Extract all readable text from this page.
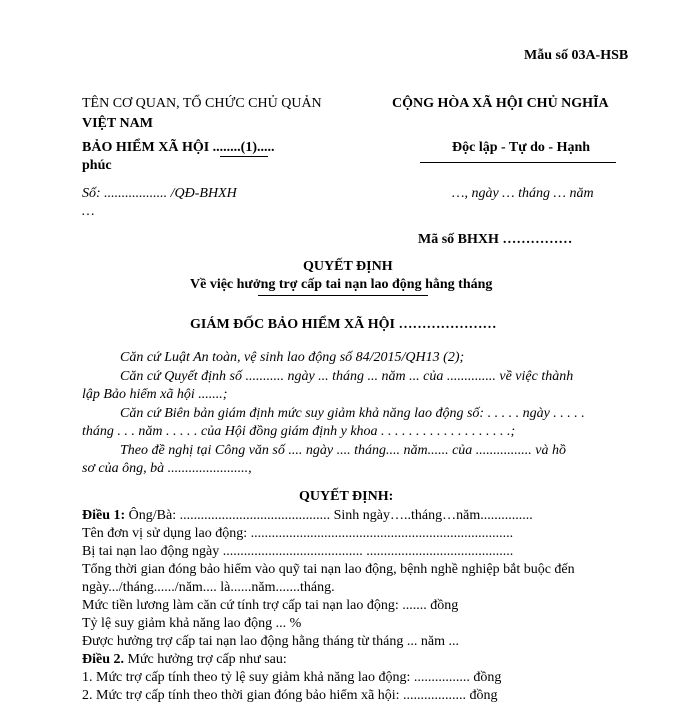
Mẫu số 03A-HSB
TÊN CƠ QUAN, TỔ CHỨC CHỦ QUẢN
VIỆT NAM
BẢO HIỂM XÃ HỘI ........(1).....
phúc
CỘNG HÒA XÃ HỘI CHỦ NGHĨA
Độc lập - Tự do - Hạnh
Số: .................. /QĐ-BHXH
…
…, ngày … tháng … năm
Mã số BHXH ……………
QUYẾT ĐỊNH
Về việc hưởng trợ cấp tai nạn lao động hằng tháng
GIÁM ĐỐC BẢO HIỂM XÃ HỘI …………………
Căn cứ Luật An toàn, vệ sinh lao động số 84/2015/QH13 (2);
Căn cứ Quyết định số ........... ngày ... tháng ... năm ... của .............. về việc thành
lập Bảo hiểm xã hội .......;
Căn cứ Biên bản giám định mức suy giảm khả năng lao động số: . . . . . ngày . . . . .
tháng . . . năm . . . . . của Hội đồng giám định y khoa . . . . . . . . . . . . . . . . . . .;
Theo đề nghị tại Công văn số .... ngày .... tháng.... năm...... của ................ và hồ
sơ của ông, bà .......................,
QUYẾT ĐỊNH:
Điều 1: Ông/Bà: ........................................... Sinh ngày…..tháng…năm...............
Tên đơn vị sử dụng lao động: ...........................................................................
Bị tai nạn lao động ngày ........................................ ..........................................
Tổng thời gian đóng bảo hiểm vào quỹ tai nạn lao động, bệnh nghề nghiệp bắt buộc đến
ngày.../tháng....../năm.... là......năm.......tháng.
Mức tiền lương làm căn cứ tính trợ cấp tai nạn lao động: ....... đồng
Tỷ lệ suy giảm khả năng lao động ... %
Được hưởng trợ cấp tai nạn lao động hằng tháng từ tháng ... năm ...
Điều 2. Mức hưởng trợ cấp như sau:
1. Mức trợ cấp tính theo tỷ lệ suy giảm khả năng lao động: ................ đồng
2. Mức trợ cấp tính theo thời gian đóng bảo hiểm xã hội: .................. đồng
